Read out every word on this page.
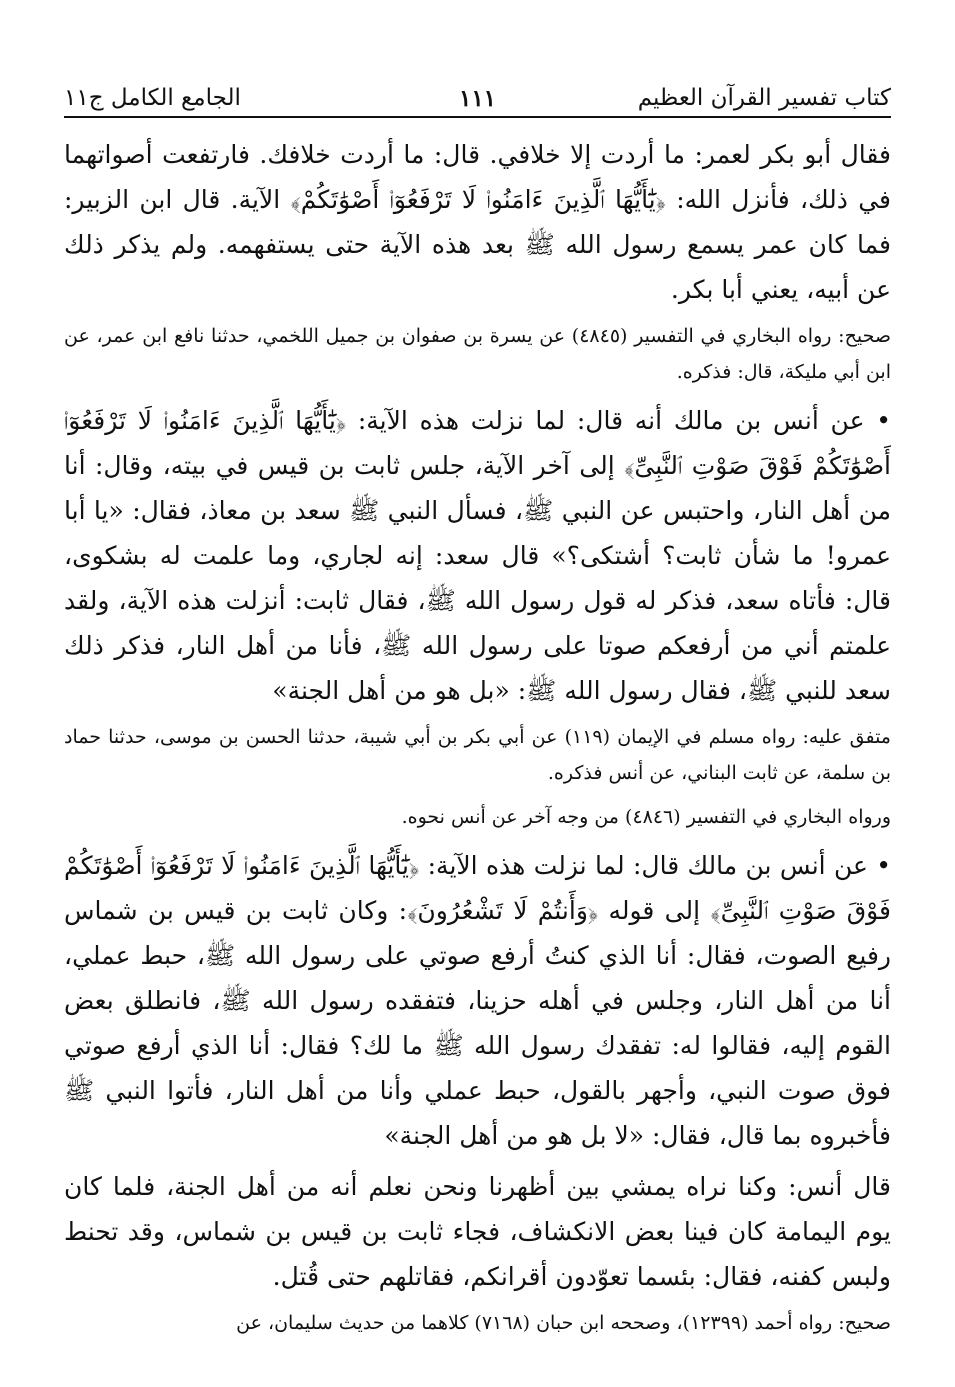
كتاب تفسير القرآن العظيم
١١١
الجامع الكامل ج١١

فقال أبو بكر لعمر: ما أردت إلا خلافي. قال: ما أردت خلافك. فارتفعت أصواتهما في ذلك، فأنزل الله: ﴿يَٰٓأَيُّهَا ٱلَّذِينَ ءَامَنُوا۟ لَا تَرْفَعُوٓا۟ أَصْوَٰتَكُمْ﴾ الآية. قال ابن الزبير: فما كان عمر يسمع رسول الله ﷺ بعد هذه الآية حتى يستفهمه. ولم يذكر ذلك عن أبيه، يعني أبا بكر.

صحيح: رواه البخاري في التفسير (٤٨٤٥) عن يسرة بن صفوان بن جميل اللخمي، حدثنا نافع ابن عمر، عن ابن أبي مليكة، قال: فذكره.

• عن أنس بن مالك أنه قال: لما نزلت هذه الآية: ﴿يَٰٓأَيُّهَا ٱلَّذِينَ ءَامَنُوا۟ لَا تَرْفَعُوٓا۟ أَصْوَٰتَكُمْ فَوْقَ صَوْتِ ٱلنَّبِىِّ﴾ إلى آخر الآية، جلس ثابت بن قيس في بيته، وقال: أنا من أهل النار، واحتبس عن النبي ﷺ، فسأل النبي ﷺ سعد بن معاذ، فقال: «يا أبا عمرو! ما شأن ثابت؟ أشتكى؟» قال سعد: إنه لجاري، وما علمت له بشكوى، قال: فأتاه سعد، فذكر له قول رسول الله ﷺ، فقال ثابت: أنزلت هذه الآية، ولقد علمتم أني من أرفعكم صوتا على رسول الله ﷺ، فأنا من أهل النار، فذكر ذلك سعد للنبي ﷺ، فقال رسول الله ﷺ: «بل هو من أهل الجنة»

متفق عليه: رواه مسلم في الإيمان (١١٩) عن أبي بكر بن أبي شيبة، حدثنا الحسن بن موسى، حدثنا حماد بن سلمة، عن ثابت البناني، عن أنس فذكره.

ورواه البخاري في التفسير (٤٨٤٦) من وجه آخر عن أنس نحوه.

• عن أنس بن مالك قال: لما نزلت هذه الآية: ﴿يَٰٓأَيُّهَا ٱلَّذِينَ ءَامَنُوا۟ لَا تَرْفَعُوٓا۟ أَصْوَٰتَكُمْ فَوْقَ صَوْتِ ٱلنَّبِىِّ﴾ إلى قوله ﴿وَأَنتُمْ لَا تَشْعُرُونَ﴾: وكان ثابت بن قيس بن شماس رفيع الصوت، فقال: أنا الذي كنتُ أرفع صوتي على رسول الله ﷺ، حبط عملي، أنا من أهل النار، وجلس في أهله حزينا، فتفقده رسول الله ﷺ، فانطلق بعض القوم إليه، فقالوا له: تفقدك رسول الله ﷺ ما لك؟ فقال: أنا الذي أرفع صوتي فوق صوت النبي، وأجهر بالقول، حبط عملي وأنا من أهل النار، فأتوا النبي ﷺ فأخبروه بما قال، فقال: «لا بل هو من أهل الجنة»

قال أنس: وكنا نراه يمشي بين أظهرنا ونحن نعلم أنه من أهل الجنة، فلما كان يوم اليمامة كان فينا بعض الانكشاف، فجاء ثابت بن قيس بن شماس، وقد تحنط ولبس كفنه، فقال: بئسما تعوّدون أقرانكم، فقاتلهم حتى قُتل.

صحيح: رواه أحمد (١٢٣٩٩)، وصححه ابن حبان (٧١٦٨) كلاهما من حديث سليمان، عن
